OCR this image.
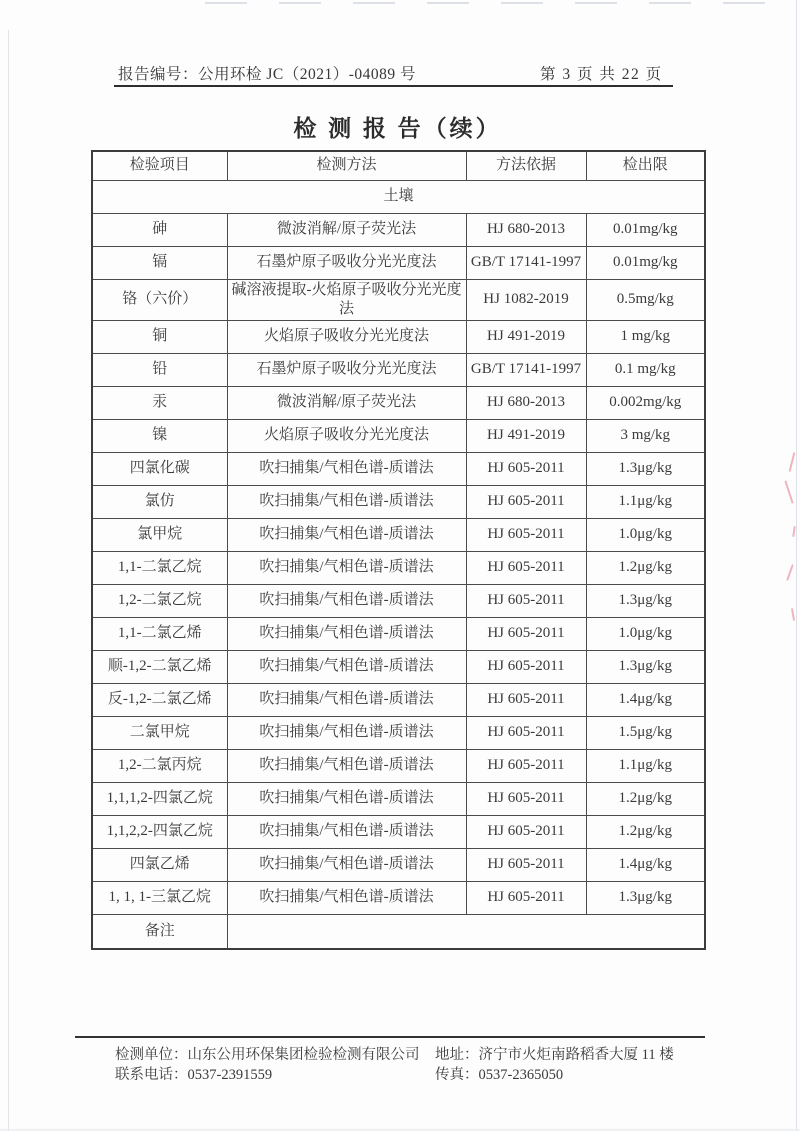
报告编号：公用环检 JC（2021）-04089 号	第 3 页 共 22 页
检 测 报 告（续）
检验项目	检测方法	方法依据	检出限
土壤			
砷	微波消解/原子荧光法	HJ 680-2013	0.01mg/kg
镉	石墨炉原子吸收分光光度法	GB/T 17141-1997	0.01mg/kg
铬（六价）	碱溶液提取-火焰原子吸收分光光度法	HJ 1082-2019	0.5mg/kg
铜	火焰原子吸收分光光度法	HJ 491-2019	1 mg/kg
铅	石墨炉原子吸收分光光度法	GB/T 17141-1997	0.1 mg/kg
汞	微波消解/原子荧光法	HJ 680-2013	0.002mg/kg
镍	火焰原子吸收分光光度法	HJ 491-2019	3 mg/kg
四氯化碳	吹扫捕集/气相色谱-质谱法	HJ 605-2011	1.3μg/kg
氯仿	吹扫捕集/气相色谱-质谱法	HJ 605-2011	1.1μg/kg
氯甲烷	吹扫捕集/气相色谱-质谱法	HJ 605-2011	1.0μg/kg
1,1-二氯乙烷	吹扫捕集/气相色谱-质谱法	HJ 605-2011	1.2μg/kg
1,2-二氯乙烷	吹扫捕集/气相色谱-质谱法	HJ 605-2011	1.3μg/kg
1,1-二氯乙烯	吹扫捕集/气相色谱-质谱法	HJ 605-2011	1.0μg/kg
顺-1,2-二氯乙烯	吹扫捕集/气相色谱-质谱法	HJ 605-2011	1.3μg/kg
反-1,2-二氯乙烯	吹扫捕集/气相色谱-质谱法	HJ 605-2011	1.4μg/kg
二氯甲烷	吹扫捕集/气相色谱-质谱法	HJ 605-2011	1.5μg/kg
1,2-二氯丙烷	吹扫捕集/气相色谱-质谱法	HJ 605-2011	1.1μg/kg
1,1,1,2-四氯乙烷	吹扫捕集/气相色谱-质谱法	HJ 605-2011	1.2μg/kg
1,1,2,2-四氯乙烷	吹扫捕集/气相色谱-质谱法	HJ 605-2011	1.2μg/kg
四氯乙烯	吹扫捕集/气相色谱-质谱法	HJ 605-2011	1.4μg/kg
1, 1, 1-三氯乙烷	吹扫捕集/气相色谱-质谱法	HJ 605-2011	1.3μg/kg
备注			
检测单位：山东公用环保集团检验检测有限公司 地址：济宁市火炬南路稻香大厦 11 楼
联系电话：0537-2391559	传真：0537-2365050
